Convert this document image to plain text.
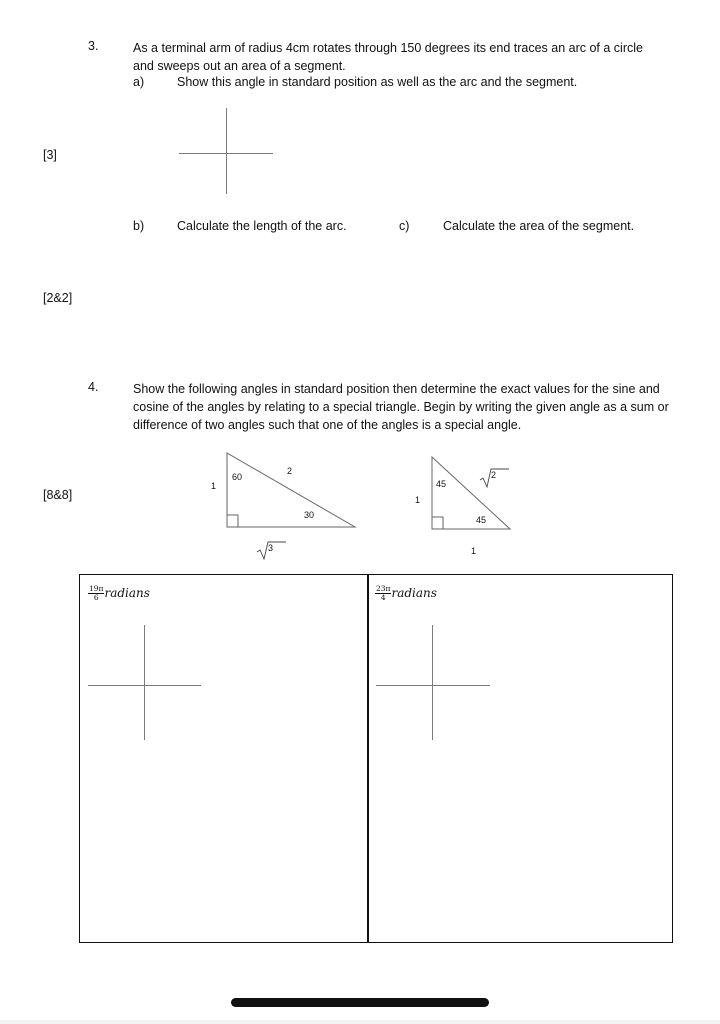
3.	As a terminal arm of radius 4cm rotates through 150 degrees its end traces an arc of a circle and sweeps out an area of a segment.
a)	Show this angle in standard position as well as the arc and the segment.
[3]
b)	Calculate the length of the arc.	c)	Calculate the area of the segment.
[2&2]
4.	Show the following angles in standard position then determine the exact values for the sine and cosine of the angles by relating to a special triangle. Begin by writing the given angle as a sum or difference of two angles such that one of the angles is a special angle.
[8&8]
1
60
2
30
3
45
1
2
45
1
$\frac{19\pi}{6}$ radians	$\frac{23\pi}{4}$ radians
